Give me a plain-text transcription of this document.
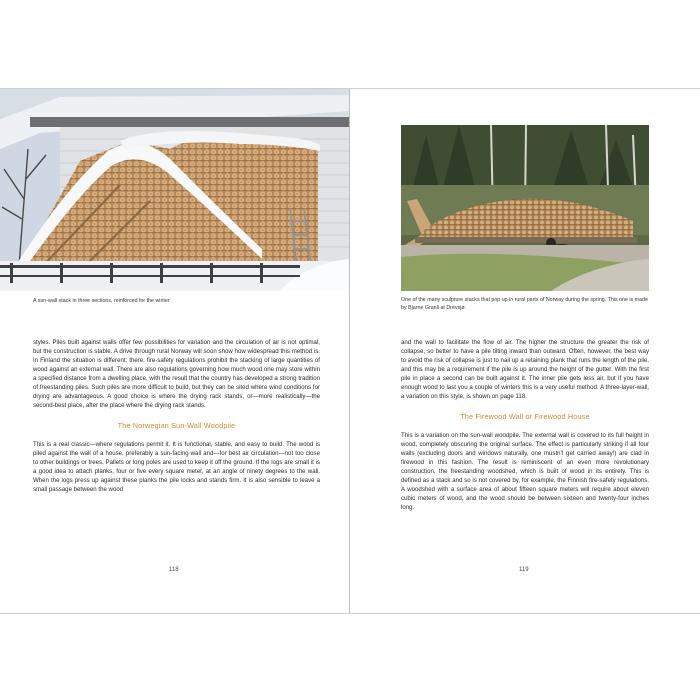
A sun-wall stack in three sections, reinforced for the winter

styles. Piles built against walls offer few possibilities for variation and the circulation of air is not optimal, but the construction is stable. A drive through rural Norway will soon show how widespread this method is. In Finland the situation is different; there, fire-safety regulations prohibit the stacking of large quantities of wood against an external wall. There are also regulations governing how much wood one may store within a specified distance from a dwelling place, with the result that the country has developed a strong tradition of freestanding piles. Such piles are more difficult to build, but they can be sited where wind conditions for drying are advantageous. A good choice is where the drying rack stands, or—more realistically—the second-best place, after the place where the drying rack stands.

The Norwegian Sun-Wall Woodpile

This is a real classic—where regulations permit it. It is functional, stable, and easy to build. The wood is piled against the wall of a house, preferably a sun-facing wall and—for best air circulation—not too close to other buildings or trees. Pallets or long poles are used to keep it off the ground. If the logs are small it is a good idea to attach planks, four or five every square meter, at an angle of ninety degrees to the wall. When the logs press up against these planks the pile locks and stands firm. It is also sensible to leave a small passage between the wood

118
One of the many sculpture stacks that pop up in rural parts of Norway during the spring. This one is made by Bjarne Granli at Drevsjø.

and the wall to facilitate the flow of air. The higher the structure the greater the risk of collapse, so better to have a pile tilting inward than outward. Often, however, the best way to avoid the risk of collapse is just to nail up a retaining plank that runs the length of the pile, and this may be a requirement if the pile is up around the height of the gutter. With the first pile in place a second can be built against it. The inner pile gets less air, but if you have enough wood to last you a couple of winters this is a very useful method. A three-layer-wall, a variation on this style, is shown on page 118.

The Firewood Wall or Firewood House

This is a variation on the sun-wall woodpile. The external wall is covered to its full height in wood, completely obscuring the original surface. The effect is particularly striking if all four walls (excluding doors and windows naturally, one mustn't get carried away!) are clad in firewood in this fashion. The result is reminiscent of an even more revolutionary construction, the freestanding woodshed, which is built of wood in its entirety. This is defined as a stack and so is not covered by, for example, the Finnish fire-safety regulations. A woodshed with a surface area of about fifteen square meters will require about eleven cubic meters of wood, and the wood should be between sixteen and twenty-four inches long.

119
